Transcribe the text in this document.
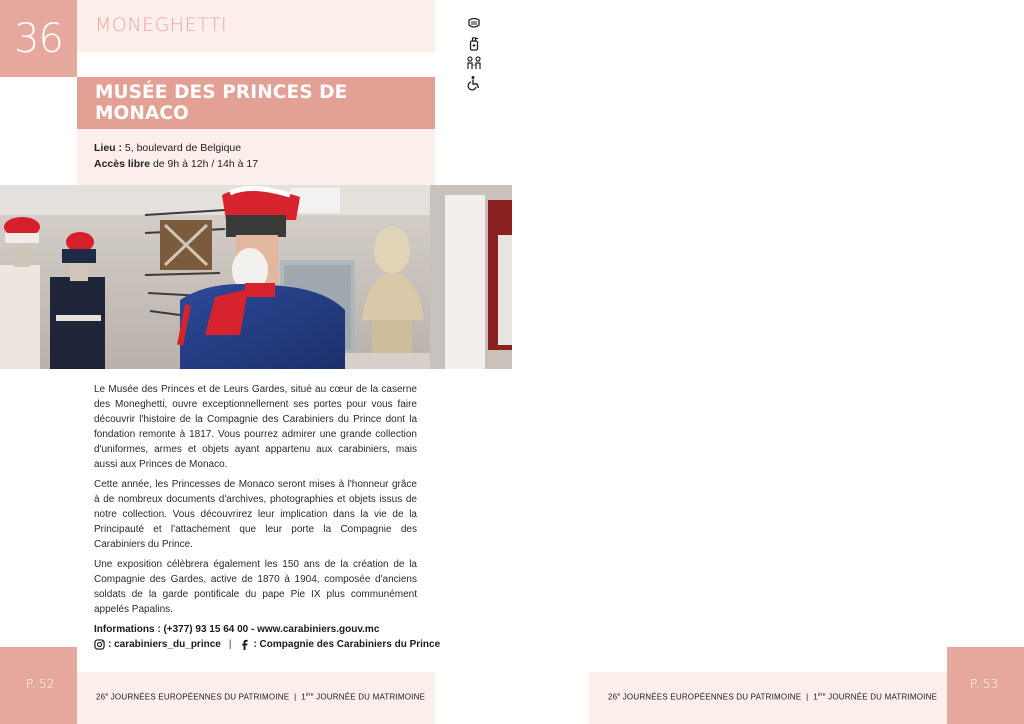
36	MONEGHETTI
MUSÉE DES PRINCES DE MONACO
Lieu : 5, boulevard de Belgique
Accès libre de 9h à 12h / 14h à 17

Le Musée des Princes et de Leurs Gardes, situé au cœur de la caserne des Moneghetti, ouvre exceptionnellement ses portes pour vous faire découvrir l'histoire de la Compagnie des Carabiniers du Prince dont la fondation remonte à 1817. Vous pourrez admirer une grande collection d'uniformes, armes et objets ayant appartenu aux carabiniers, mais aussi aux Princes de Monaco.

Cette année, les Princesses de Monaco seront mises à l'honneur grâce à de nombreux documents d'archives, photographies et objets issus de notre collection. Vous découvrirez leur implication dans la vie de la Principauté et l'attachement que leur porte la Compagnie des Carabiniers du Prince.

Une exposition célèbrera également les 150 ans de la création de la Compagnie des Gardes, active de 1870 à 1904, composée d'anciens soldats de la garde pontificale du pape Pie IX plus communément appelés Papalins.

Informations : (+377) 93 15 64 00 - www.carabiniers.gouv.mc
: carabiniers_du_prince | : Compagnie des Carabiniers du Prince
P. 52
26e JOURNÉES EUROPÉENNES DU PATRIMOINE | 1ère JOURNÉE DU MATRIMOINE	26e JOURNÉES EUROPÉENNES DU PATRIMOINE | 1ère JOURNÉE DU MATRIMOINE
P. 53
